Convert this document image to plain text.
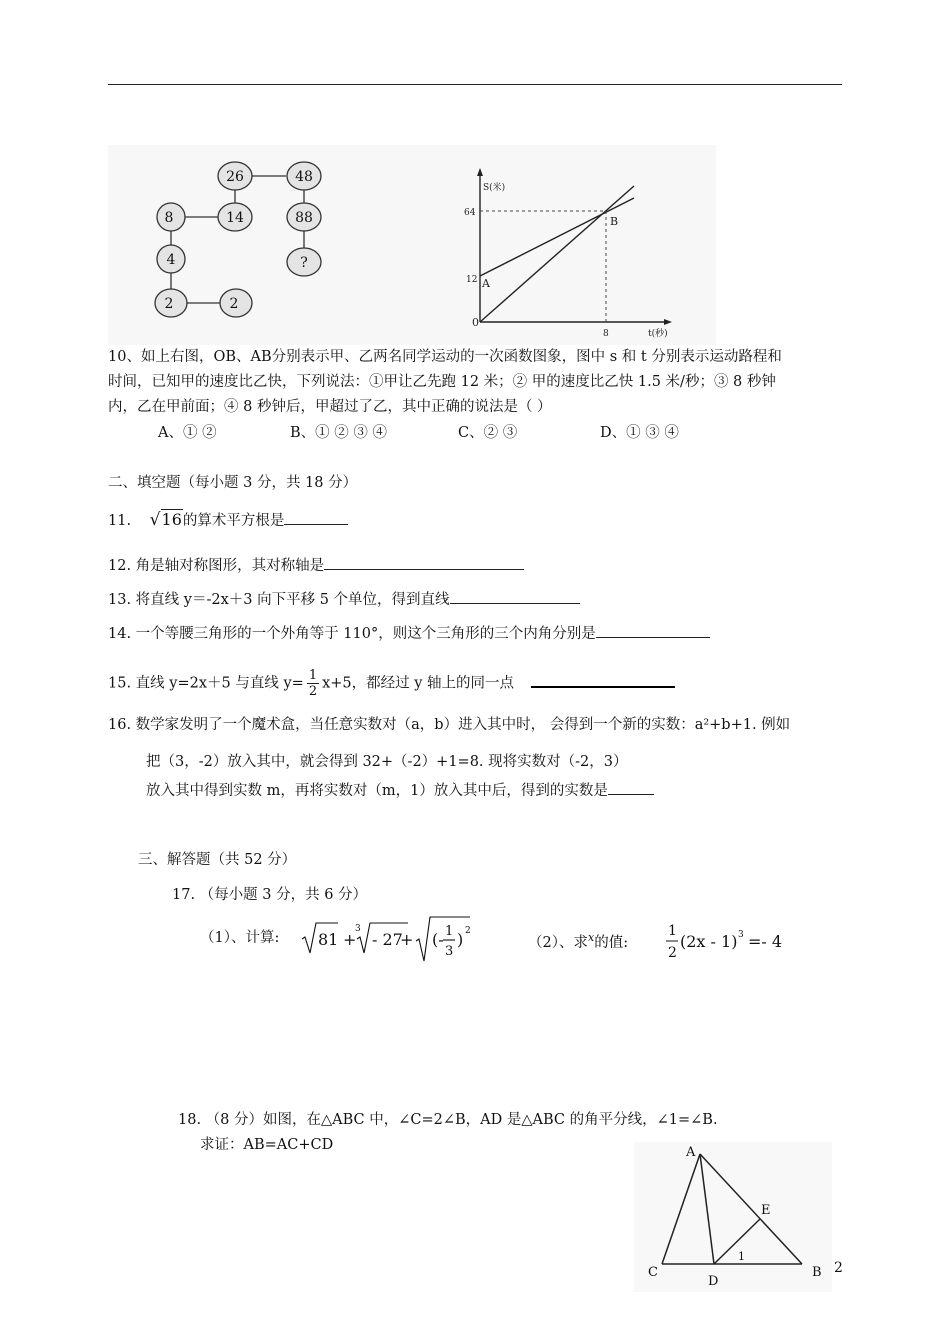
26	48
8	14	88
4	?
2	2
S(米)
64
12 A
B
0
8	t(秒)
10、如上右图，OB、AB分别表示甲、乙两名同学运动的一次函数图象，图中 s 和 t 分别表示运动路程和
时间，已知甲的速度比乙快，下列说法：①甲让乙先跑 12 米；② 甲的速度比乙快 1.5 米/秒；③ 8 秒钟
内，乙在甲前面；④ 8 秒钟后，甲超过了乙，其中正确的说法是（ ）
A、① ②	B、① ② ③ ④	C、② ③	D、① ③ ④
二、填空题（每小题 3 分，共 18 分）
11. √16的算术平方根是
12. 角是轴对称图形，其对称轴是
13. 将直线 y＝-2x＋3 向下平移 5 个单位，得到直线
14. 一个等腰三角形的一个外角等于 110°，则这个三角形的三个内角分别是
15. 直线 y=2x＋5 与直线 $y= \frac{1}{2} x+5$，都经过 y 轴上的同一点
16. 数学家发明了一个魔术盒，当任意实数对（a，b）进入其中时， 会得到一个新的实数：a²+b+1. 例如
把（3，-2）放入其中，就会得到 32+（-2）+1=8. 现将实数对（-2，3）
放入其中得到实数 m，再将实数对（m，1）放入其中后，得到的实数是
三、解答题（共 52 分）
17. （每小题 3 分，共 6 分）
（1）、计算: 81 +
3
- 27
+ (- 1
3
) 2
（2）、求$^x$的值:
1
2
(2x - 1) 3 =- 4
18. （8 分）如图，在△ABC 中，∠C=2∠B，AD 是△ABC 的角平分线，∠1=∠B.
求证：AB=AC+CD	A
C
D
B
E
1
2
